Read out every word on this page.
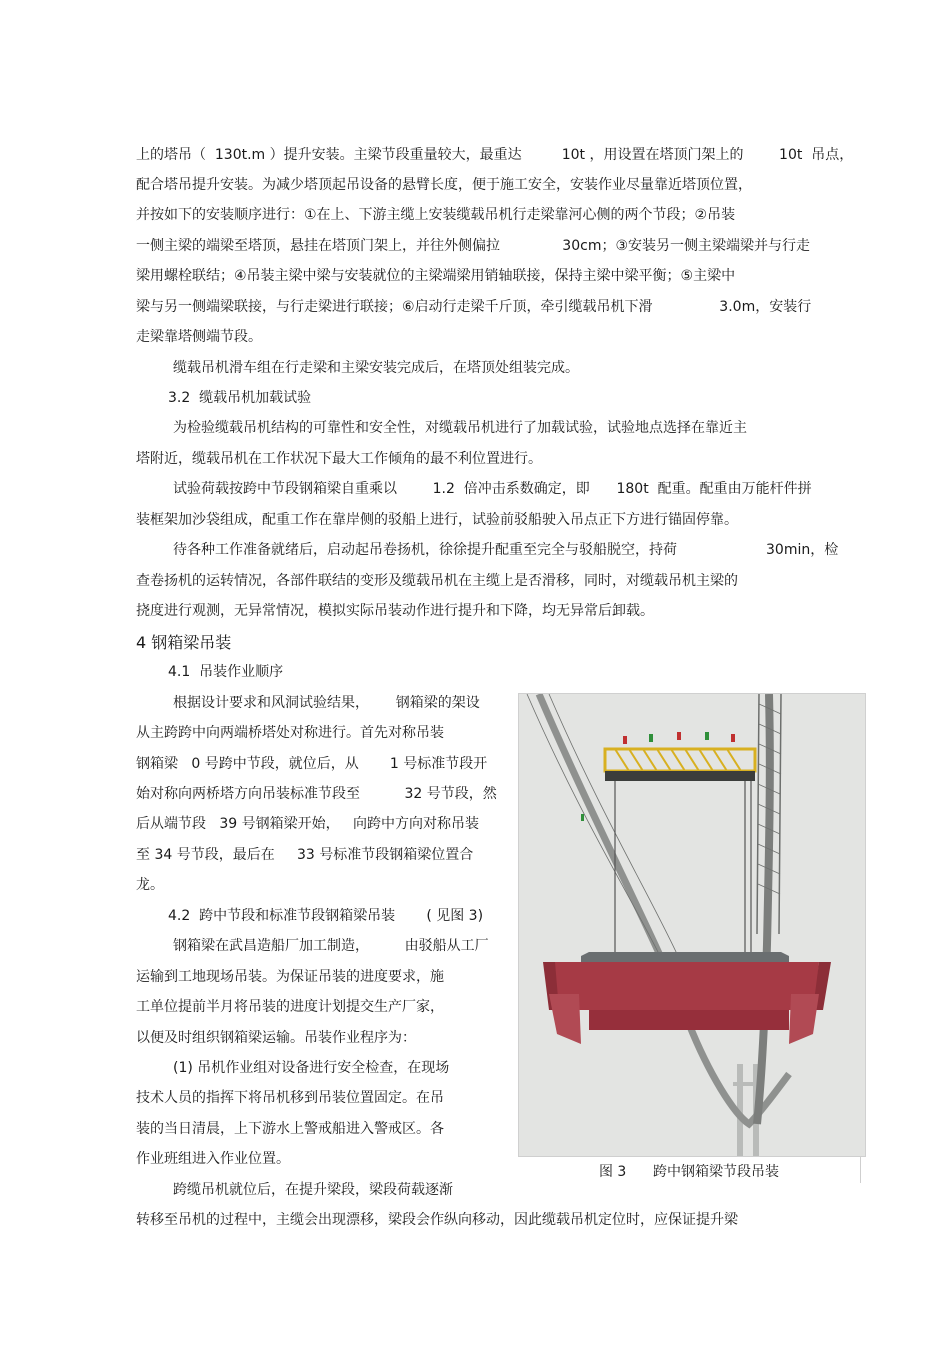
上的塔吊（  130t.m ）提升安装。主梁节段重量较大，最重达         10t ，用设置在塔顶门架上的        10t  吊点，
配合塔吊提升安装。为减少塔顶起吊设备的悬臂长度，便于施工安全，安装作业尽量靠近塔顶位置，
并按如下的安装顺序进行：①在上、下游主缆上安装缆载吊机行走梁靠河心侧的两个节段；②吊装
一侧主梁的端梁至塔顶，悬挂在塔顶门架上，并往外侧偏拉              30cm；③安装另一侧主梁端梁并与行走
梁用螺栓联结；④吊装主梁中梁与安装就位的主梁端梁用销轴联接，保持主梁中梁平衡；⑤主梁中
梁与另一侧端梁联接，与行走梁进行联接；⑥启动行走梁千斤顶，牵引缆载吊机下滑               3.0m，安装行
走梁靠塔侧端节段。
缆载吊机滑车组在行走梁和主梁安装完成后，在塔顶处组装完成。
3.2  缆载吊机加载试验
为检验缆载吊机结构的可靠性和安全性，对缆载吊机进行了加载试验，试验地点选择在靠近主
塔附近，缆载吊机在工作状况下最大工作倾角的最不利位置进行。
试验荷载按跨中节段钢箱梁自重乘以        1.2  倍冲击系数确定，即      180t  配重。配重由万能杆件拼
装框架加沙袋组成，配重工作在靠岸侧的驳船上进行，试验前驳船驶入吊点正下方进行锚固停靠。
待各种工作准备就绪后，启动起吊卷扬机，徐徐提升配重至完全与驳船脱空，持荷                    30min，检
查卷扬机的运转情况，各部件联结的变形及缆载吊机在主缆上是否滑移，同时，对缆载吊机主梁的
挠度进行观测，无异常情况，模拟实际吊装动作进行提升和下降，均无异常后卸载。
4 钢箱梁吊装
4.1  吊装作业顺序
根据设计要求和风洞试验结果，      钢箱梁的架设
从主跨跨中向两端桥塔处对称进行。首先对称吊装
钢箱梁   0 号跨中节段，就位后，从       1 号标准节段开
始对称向两桥塔方向吊装标准节段至          32 号节段，然
后从端节段   39 号钢箱梁开始，   向跨中方向对称吊装
至 34 号节段，最后在     33 号标准节段钢箱梁位置合
龙。
4.2  跨中节段和标准节段钢箱梁吊装       ( 见图 3)
钢箱梁在武昌造船厂加工制造，        由驳船从工厂
运输到工地现场吊装。为保证吊装的进度要求，施
工单位提前半月将吊装的进度计划提交生产厂家，
以便及时组织钢箱梁运输。吊装作业程序为：
(1) 吊机作业组对设备进行安全检查，在现场
技术人员的指挥下将吊机移到吊装位置固定。在吊
装的当日清晨，上下游水上警戒船进入警戒区。各
作业班组进入作业位置。
跨缆吊机就位后，在提升梁段，梁段荷载逐渐
转移至吊机的过程中，主缆会出现漂移，梁段会作纵向移动，因此缆载吊机定位时，应保证提升梁
图 3      跨中钢箱梁节段吊装
